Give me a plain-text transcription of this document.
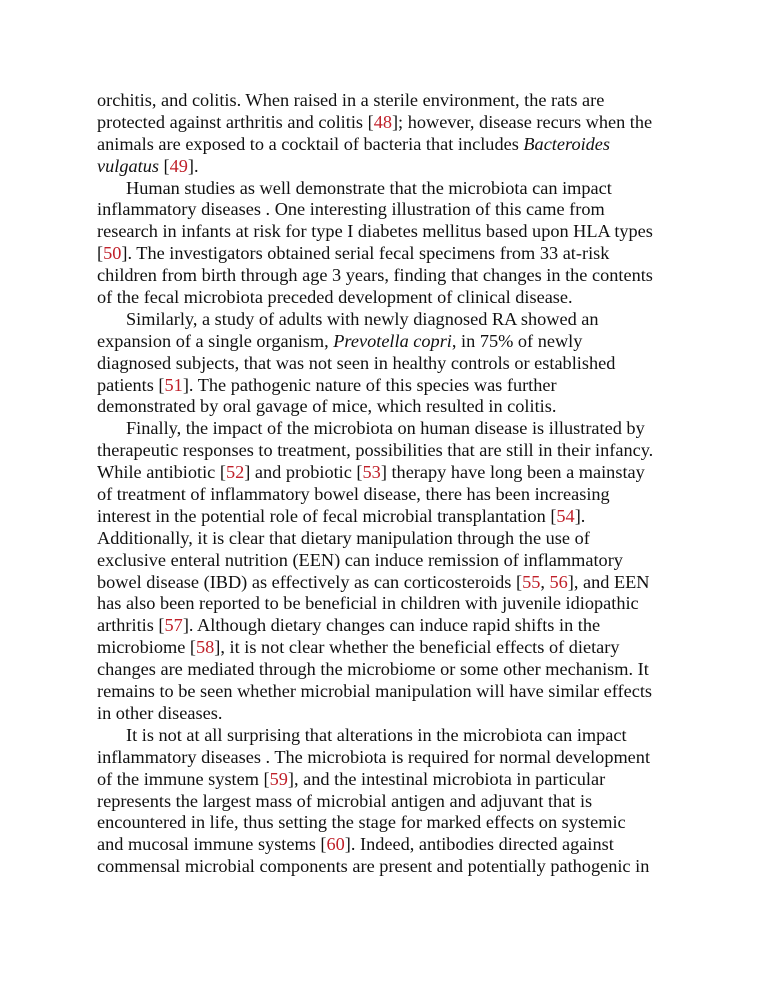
orchitis, and colitis. When raised in a sterile environment, the rats are
protected against arthritis and colitis [48]; however, disease recurs when the
animals are exposed to a cocktail of bacteria that includes Bacteroides
vulgatus [49].
Human studies as well demonstrate that the microbiota can impact
inflammatory diseases . One interesting illustration of this came from
research in infants at risk for type I diabetes mellitus based upon HLA types
[50]. The investigators obtained serial fecal specimens from 33 at-risk
children from birth through age 3 years, finding that changes in the contents
of the fecal microbiota preceded development of clinical disease.
Similarly, a study of adults with newly diagnosed RA showed an
expansion of a single organism, Prevotella copri, in 75% of newly
diagnosed subjects, that was not seen in healthy controls or established
patients [51]. The pathogenic nature of this species was further
demonstrated by oral gavage of mice, which resulted in colitis.
Finally, the impact of the microbiota on human disease is illustrated by
therapeutic responses to treatment, possibilities that are still in their infancy.
While antibiotic [52] and probiotic [53] therapy have long been a mainstay
of treatment of inflammatory bowel disease, there has been increasing
interest in the potential role of fecal microbial transplantation [54].
Additionally, it is clear that dietary manipulation through the use of
exclusive enteral nutrition (EEN) can induce remission of inflammatory
bowel disease (IBD) as effectively as can corticosteroids [55, 56], and EEN
has also been reported to be beneficial in children with juvenile idiopathic
arthritis [57]. Although dietary changes can induce rapid shifts in the
microbiome [58], it is not clear whether the beneficial effects of dietary
changes are mediated through the microbiome or some other mechanism. It
remains to be seen whether microbial manipulation will have similar effects
in other diseases.
It is not at all surprising that alterations in the microbiota can impact
inflammatory diseases . The microbiota is required for normal development
of the immune system [59], and the intestinal microbiota in particular
represents the largest mass of microbial antigen and adjuvant that is
encountered in life, thus setting the stage for marked effects on systemic
and mucosal immune systems [60]. Indeed, antibodies directed against
commensal microbial components are present and potentially pathogenic in
